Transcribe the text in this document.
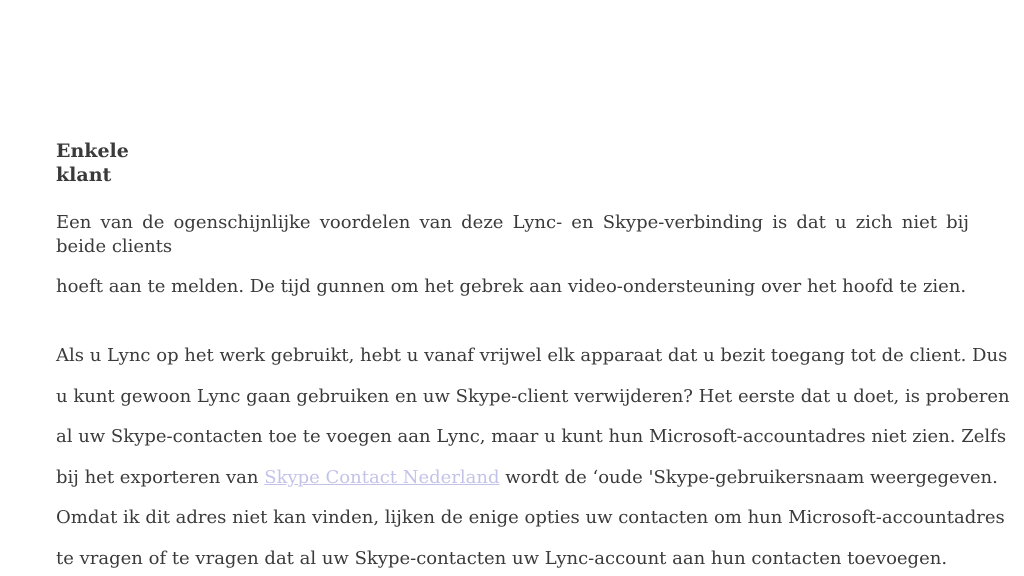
Enkele
klant

Een van de ogenschijnlijke voordelen van deze Lync- en Skype-verbinding is dat u zich niet bij beide clients

hoeft aan te melden. De tijd gunnen om het gebrek aan video-ondersteuning over het hoofd te zien.

Als u Lync op het werk gebruikt, hebt u vanaf vrijwel elk apparaat dat u bezit toegang tot de client. Dus
u kunt gewoon Lync gaan gebruiken en uw Skype-client verwijderen? Het eerste dat u doet, is proberen
al uw Skype-contacten toe te voegen aan Lync, maar u kunt hun Microsoft-accountadres niet zien. Zelfs
bij het exporteren van Skype Contact Nederland wordt de ‘oude 'Skype-gebruikersnaam weergegeven.
Omdat ik dit adres niet kan vinden, lijken de enige opties uw contacten om hun Microsoft-accountadres
te vragen of te vragen dat al uw Skype-contacten uw Lync-account aan hun contacten toevoegen.
